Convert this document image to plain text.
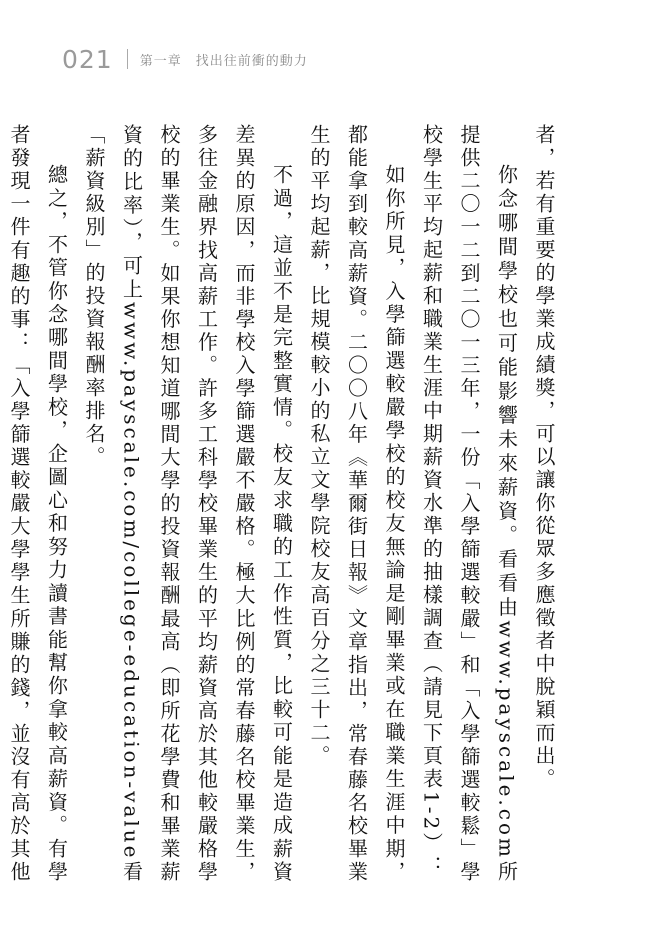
021 第一章　找出往前衝的動力

者，若有重要的學業成績獎，可以讓你從眾多應徵者中脫穎而出。

你念哪間學校也可能影響未來薪資。看看由www.payscale.com所提供二〇一二到二〇一三年，一份「入學篩選較嚴」和「入學篩選較鬆」學校學生平均起薪和職業生涯中期薪資水準的抽樣調查（請見下頁表1-2）：

如你所見，入學篩選較嚴學校的校友無論是剛畢業或在職業生涯中期，都能拿到較高薪資。二〇〇八年《華爾街日報》文章指出，常春藤名校畢業生的平均起薪，比規模較小的私立文學院校友高百分之三十二。

不過，這並不是完整實情。校友求職的工作性質，比較可能是造成薪資差異的原因，而非學校入學篩選嚴不嚴格。極大比例的常春藤名校畢業生，多往金融界找高薪工作。許多工科學校畢業生的平均薪資高於其他較嚴格學校的畢業生。如果你想知道哪間大學的投資報酬最高（即所花學費和畢業薪資的比率），可上www.payscale.com/college-education-value看「薪資級別」的投資報酬率排名。

總之，不管你念哪間學校，企圖心和努力讀書能幫你拿較高薪資。有學者發現一件有趣的事：「入學篩選較嚴大學學生所賺的錢，並沒有高於其他
